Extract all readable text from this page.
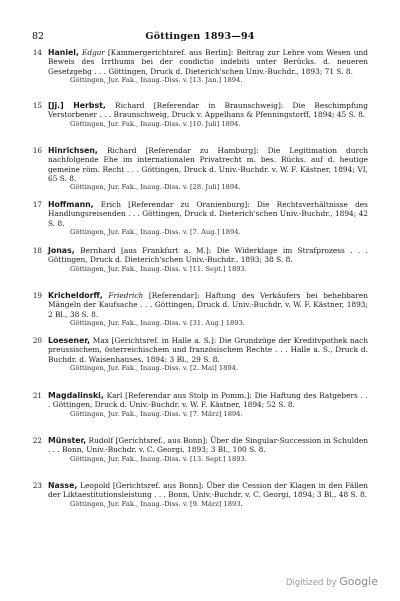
82	Göttingen 1893—94
14 Haniel, Edgar [Kammergerichtsref. aus Berlin]: Beitrag zur Lehre vom Wesen und Beweis des Irrthums bei der condictio indebiti unter Berücks. d. neueren Gesetzgebg . . . Göttingen, Druck d. Dieterich'schen Univ.-Buchdr., 1893; 71 S. 8.
Göttingen, Jur. Fak., Inaug.-Diss. v. [13. Jan.] 1894.
15 [Jj.] Herbst, Richard [Referendar in Braunschweig]: Die Beschimpfung Verstorbener . . . Braunschweig, Druck v. Appelhans & Pfenningstorff, 1894; 45 S. 8.
Göttingen, Jur. Fak., Inaug.-Diss. v. [10. Juli] 1894.
16 Hinrichsen, Richard [Referendar zu Hamburg]: Die Legitimation durch nachfolgende Ehe im internationalen Privatrecht m. bes. Rücks. auf d. heutige gemeine röm. Recht . . . Göttingen, Druck d. Univ.-Buchdr. v. W. F. Kästner, 1894; VI, 65 S. 8.
Göttingen, Jur. Fak., Inaug.-Diss. v. [28. Juli] 1894.
17 Hoffmann, Erich [Referendar zu Oranienburg]: Die Rechtsverhältnisse des Handlungsreisenden . . . Göttingen, Druck d. Dieterich'schen Univ.-Buchdr., 1894; 42 S. 8.
Göttingen, Jur. Fak., Inaug.-Diss. v. [7. Aug.] 1894.
18 Jonas, Bernhard [aus Frankfurt a. M.]: Die Widerklage im Strafprozess . . . Göttingen, Druck d. Dieterich'schen Univ.-Buchdr., 1893; 38 S. 8.
Göttingen, Jur. Fak., Inaug.-Diss. v. [11. Sept.] 1893.
19 Kricheldorff, Friedrich [Referendar]: Haftung des Verkäufers bei behebbaren Mängeln der Kaufsache . . . Göttingen, Druck d. Univ.-Buchdr. v. W. F. Kästner, 1893; 2 Bl., 38 S. 8.
Göttingen, Jur. Fak., Inaug.-Diss. v. [31. Aug.] 1893.
20 Loesener, Max [Gerichtsref. in Halle a. S.]: Die Grundzüge der Kreditvpothek nach preussischem, österreichischem und französischem Rechte . . . Halle a. S., Druck d. Buchdr. d. Waisenhauses, 1894; 3 Bl., 29 S. 8.
Göttingen, Jur. Fak., Inaug.-Diss. v. [2. Mai] 1894.
21 Magdalinski, Karl [Referendar aus Stolp in Pomm.]: Die Haftung des Ratgebers . . . Göttingen, Druck d. Univ.-Buchdr. v. W. F. Kästner, 1894; 52 S. 8.
Göttingen, Jur. Fak., Inaug.-Diss. v. [7. März] 1894.
22 Münster, Rudolf [Gerichtsref., aus Bonn]: Über die Singular-Succession in Schulden . . . Bonn, Univ.-Buchdr. v. C. Georgi, 1893; 3 Bl., 100 S. 8.
Göttingen, Jur. Fak., Inaug.-Diss. v. [13. Sept.] 1893.
23 Nasse, Leopold [Gerichtsref. aus Bonn]: Über die Cession der Klagen in den Fällen der Liktaestitutionsleistung . . . Bonn, Univ.-Buchdr. v. C. Georgi, 1894; 3 Bl., 48 S. 8.
Göttingen, Jur. Fak., Inaug.-Diss. v. [9. März] 1893.
Digitized by Google
